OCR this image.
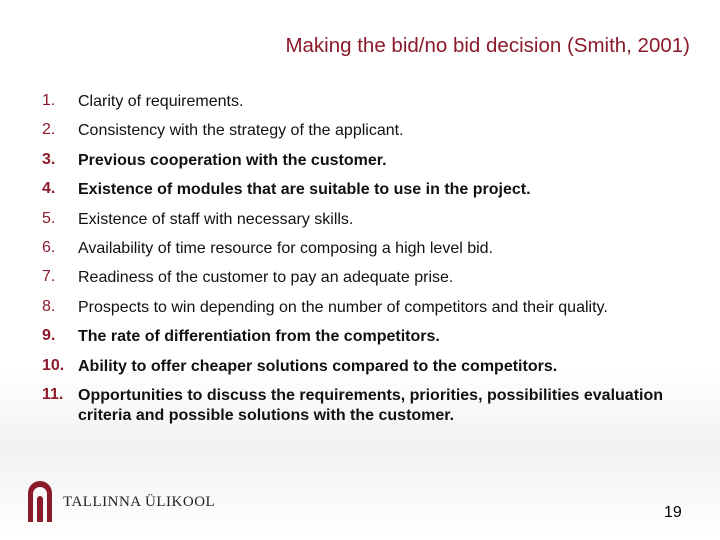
Making the bid/no bid decision (Smith, 2001)
1.	Clarity of requirements.
2.	Consistency with the strategy of the applicant.
3.	Previous cooperation with the customer.
4.	Existence of modules that are suitable to use in the project.
5.	Existence of staff with necessary skills.
6.	Availability of time resource for composing a high level bid.
7.	Readiness of the customer to pay an adequate prise.
8.	Prospects to win depending on the number of competitors and their quality.
9.	The rate of differentiation from the competitors.
10. Ability to offer cheaper solutions compared to the competitors.
11. Opportunities to discuss the requirements, priorities, possibilities evaluation criteria and possible solutions with the customer.
TALLINNA ÜLIKOOL
19
